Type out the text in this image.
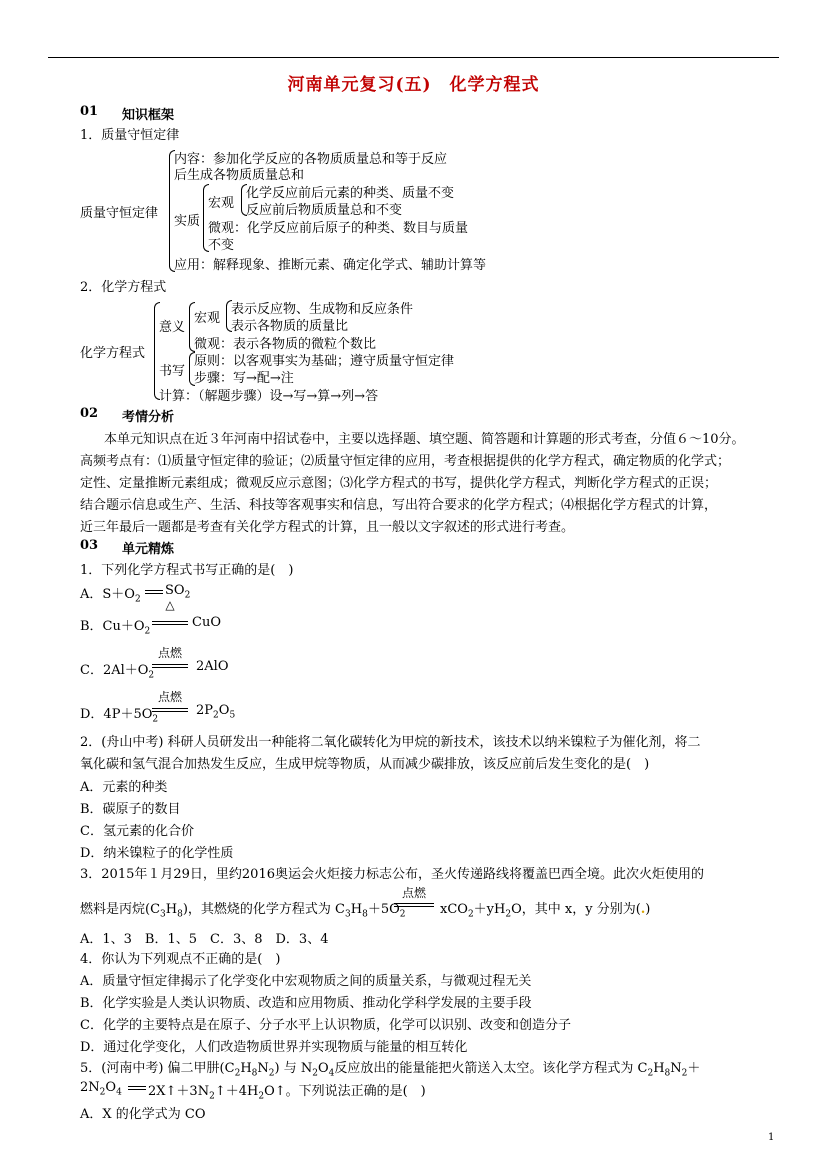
河南单元复习(五)　化学方程式
01 知识框架
1．质量守恒定律
质量守恒定律
内容：参加化学反应的各物质质量总和等于反应
后生成各物质质量总和
实质
宏观
化学反应前后元素的种类、质量不变
反应前后物质质量总和不变
微观：化学反应前后原子的种类、数目与质量
不变
应用：解释现象、推断元素、确定化学式、辅助计算等
2．化学方程式
化学方程式
意义
宏观
表示反应物、生成物和反应条件
表示各物质的质量比
微观：表示各物质的微粒个数比
书写
原则：以客观事实为基础；遵守质量守恒定律
步骤：写→配→注
计算：（解题步骤）设→写→算→列→答
02 考情分析
本单元知识点在近３年河南中招试卷中，主要以选择题、填空题、简答题和计算题的形式考查，分值６～10分。
高频考点有：⑴质量守恒定律的验证；⑵质量守恒定律的应用，考查根据提供的化学方程式，确定物质的化学式；
定性、定量推断元素组成；微观反应示意图；⑶化学方程式的书写，提供化学方程式，判断化学方程式的正误；
结合题示信息或生产、生活、科技等客观事实和信息，写出符合要求的化学方程式；⑷根据化学方程式的计算，
近三年最后一题都是考查有关化学方程式的计算，且一般以文字叙述的形式进行考查。
03 单元精炼
1．下列化学方程式书写正确的是(　)
A．$S+O_2$
$SO_2$
△
B．$Cu+O_2$
CuO
点燃
C．$2Al+O_2$
2AlO
点燃
D．$4P+5O_2$
$2P_2O_5$
2．(舟山中考) 科研人员研发出一种能将二氧化碳转化为甲烷的新技术，该技术以纳米镍粒子为催化剂，将二
氧化碳和氢气混合加热发生反应，生成甲烷等物质，从而减少碳排放，该反应前后发生变化的是(　)
A．元素的种类
B．碳原子的数目
C．氢元素的化合价
D．纳米镍粒子的化学性质
3．2015年１月29日，里约2016奥运会火炬接力标志公布，圣火传递路线将覆盖巴西全境。此次火炬使用的
点燃
燃料是丙烷$(C_3H_8)$，其燃烧的化学方程式为 $C_3H_8+5O_2$	$xCO_2+yH_2O$，其中 x，y 分别为(.)
A．1、3　B．1、5　C．3、8　D．3、4
4．你认为下列观点不正确的是(　)
A．质量守恒定律揭示了化学变化中宏观物质之间的质量关系，与微观过程无关
B．化学实验是人类认识物质、改造和应用物质、推动化学科学发展的主要手段
C．化学的主要特点是在原子、分子水平上认识物质，化学可以识别、改变和创造分子
D．通过化学变化，人们改造物质世界并实现物质与能量的相互转化
5．(河南中考) 偏二甲肼$(C_2H_8N_2)$ 与 $N_2O_4$反应放出的能量能把火箭送入太空。该化学方程式为 $C_2H_8N_2+$
$2N_2O_4$ $2X↑+3N_2↑+4H_2O↑$。下列说法正确的是(　)
A．X 的化学式为 CO
1
